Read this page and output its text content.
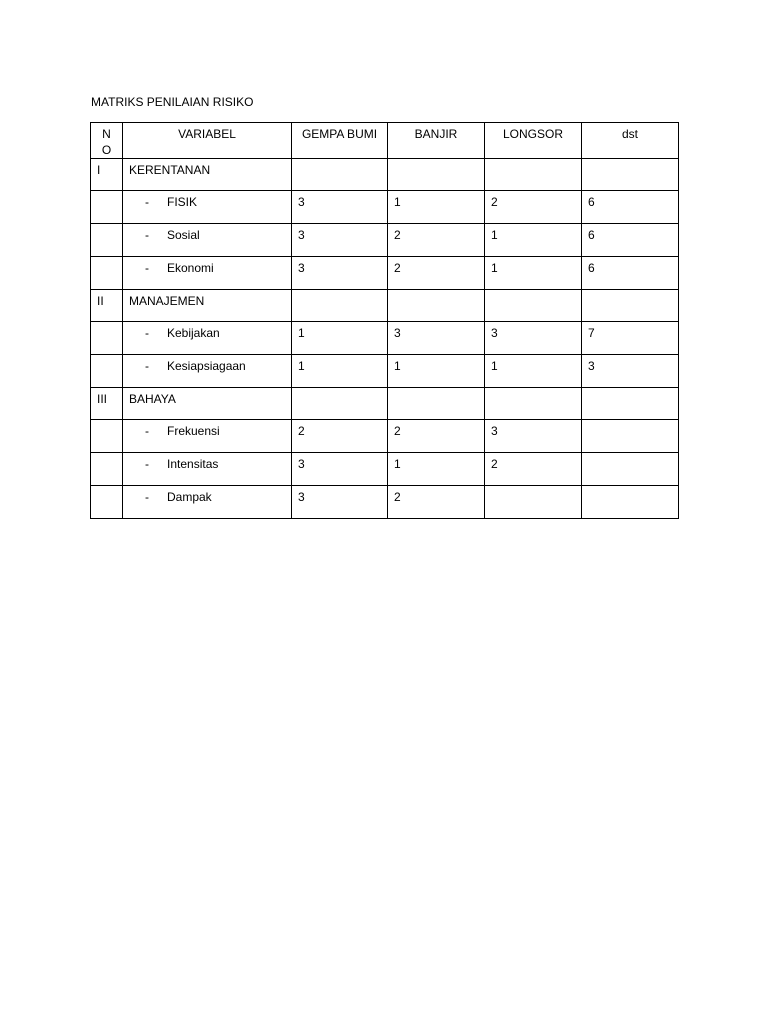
MATRIKS PENILAIAN RISIKO
N
O	VARIABEL	GEMPA BUMI	BANJIR	LONGSOR	dst

I	KERENTANAN				

	- FISIK	3	1	2	6

	- Sosial	3	2	1	6

	- Ekonomi	3	2	1	6

II	MANAJEMEN				

	- Kebijakan	1	3	3	7

	- Kesiapsiagaan	1	1	1	3

III	BAHAYA				

	- Frekuensi	2	2	3	

	- Intensitas	3	1	2	

	- Dampak	3	2		
